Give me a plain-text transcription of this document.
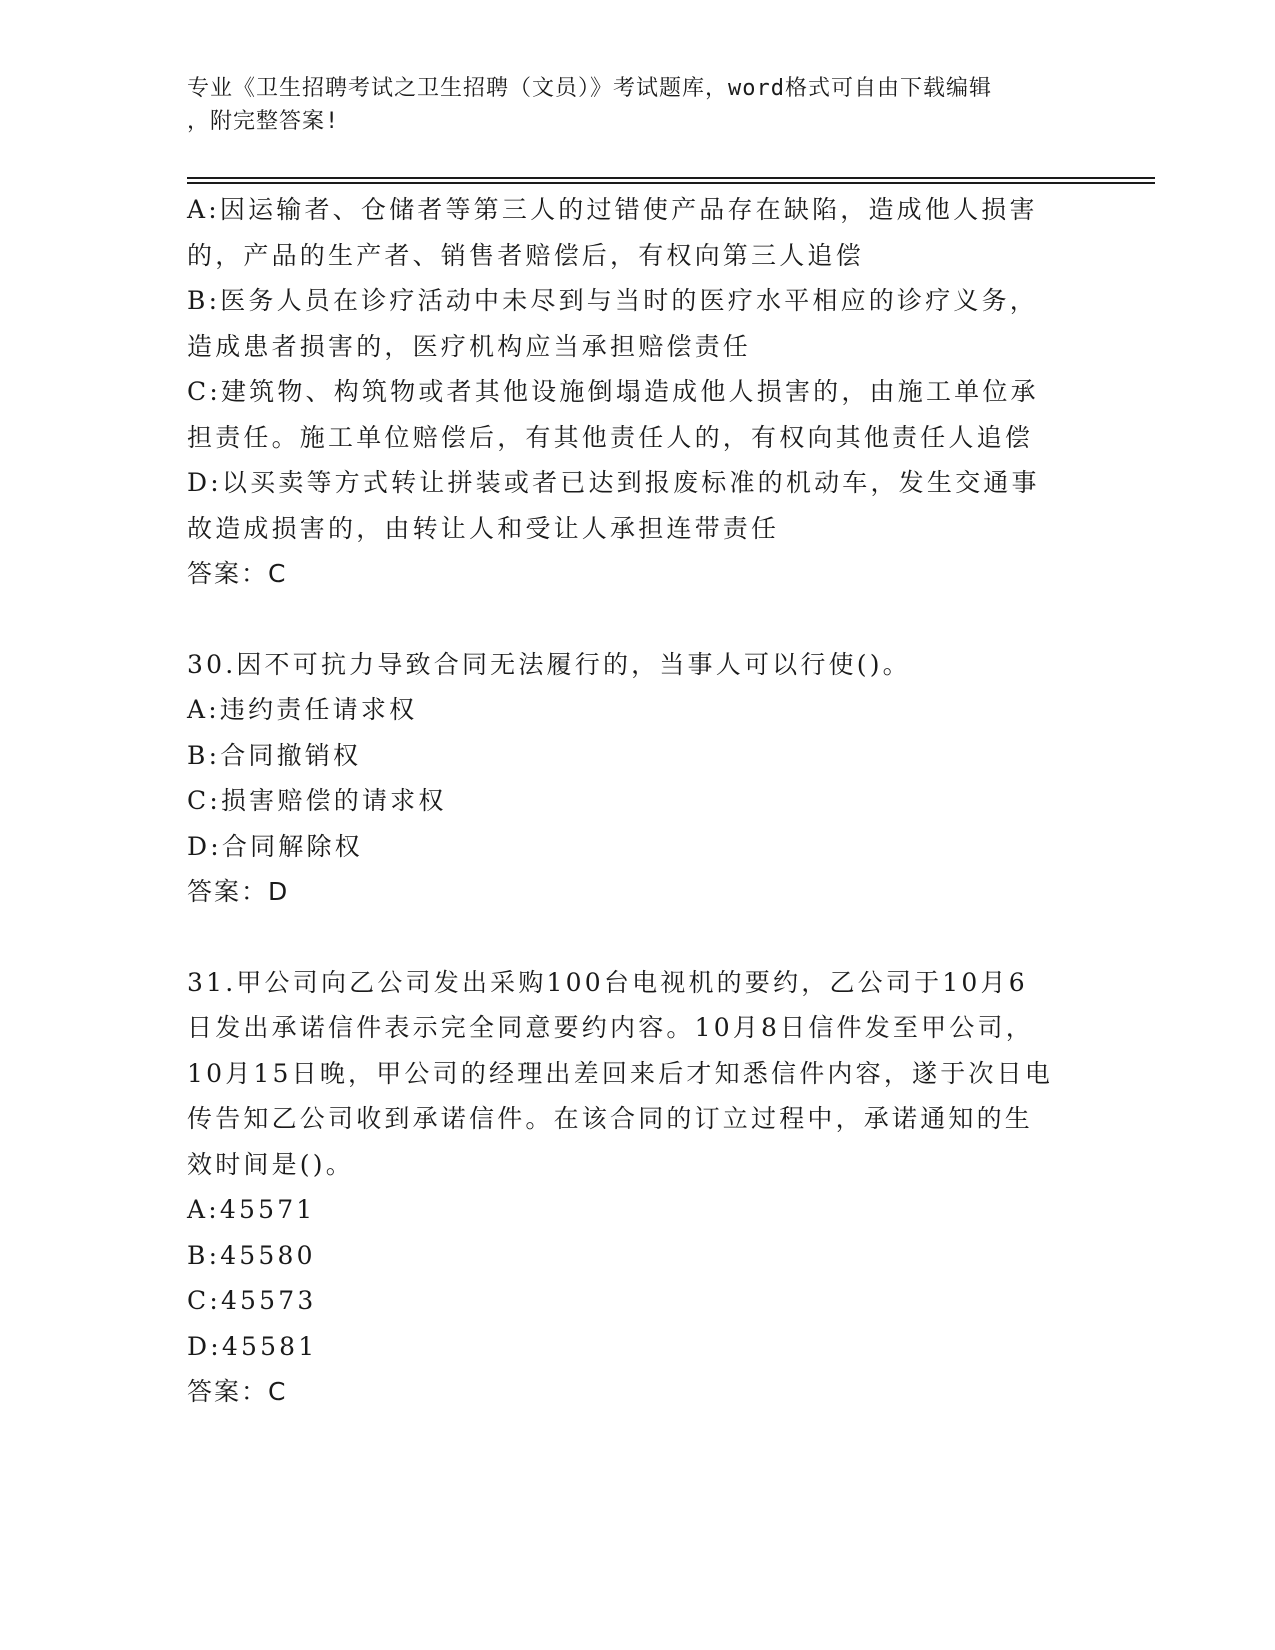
专业《卫生招聘考试之卫生招聘（文员）》考试题库，word格式可自由下载编辑
，附完整答案!
A:因运输者、仓储者等第三人的过错使产品存在缺陷，造成他人损害
的，产品的生产者、销售者赔偿后，有权向第三人追偿
B:医务人员在诊疗活动中未尽到与当时的医疗水平相应的诊疗义务，
造成患者损害的，医疗机构应当承担赔偿责任
C:建筑物、构筑物或者其他设施倒塌造成他人损害的，由施工单位承
担责任。施工单位赔偿后，有其他责任人的，有权向其他责任人追偿
D:以买卖等方式转让拼装或者已达到报废标准的机动车，发生交通事
故造成损害的，由转让人和受让人承担连带责任
答案：C
30.因不可抗力导致合同无法履行的，当事人可以行使()。
A:违约责任请求权
B:合同撤销权
C:损害赔偿的请求权
D:合同解除权
答案：D
31.甲公司向乙公司发出采购100台电视机的要约，乙公司于10月6
日发出承诺信件表示完全同意要约内容。10月8日信件发至甲公司，
10月15日晚，甲公司的经理出差回来后才知悉信件内容，遂于次日电
传告知乙公司收到承诺信件。在该合同的订立过程中，承诺通知的生
效时间是()。
A:45571
B:45580
C:45573
D:45581
答案：C
